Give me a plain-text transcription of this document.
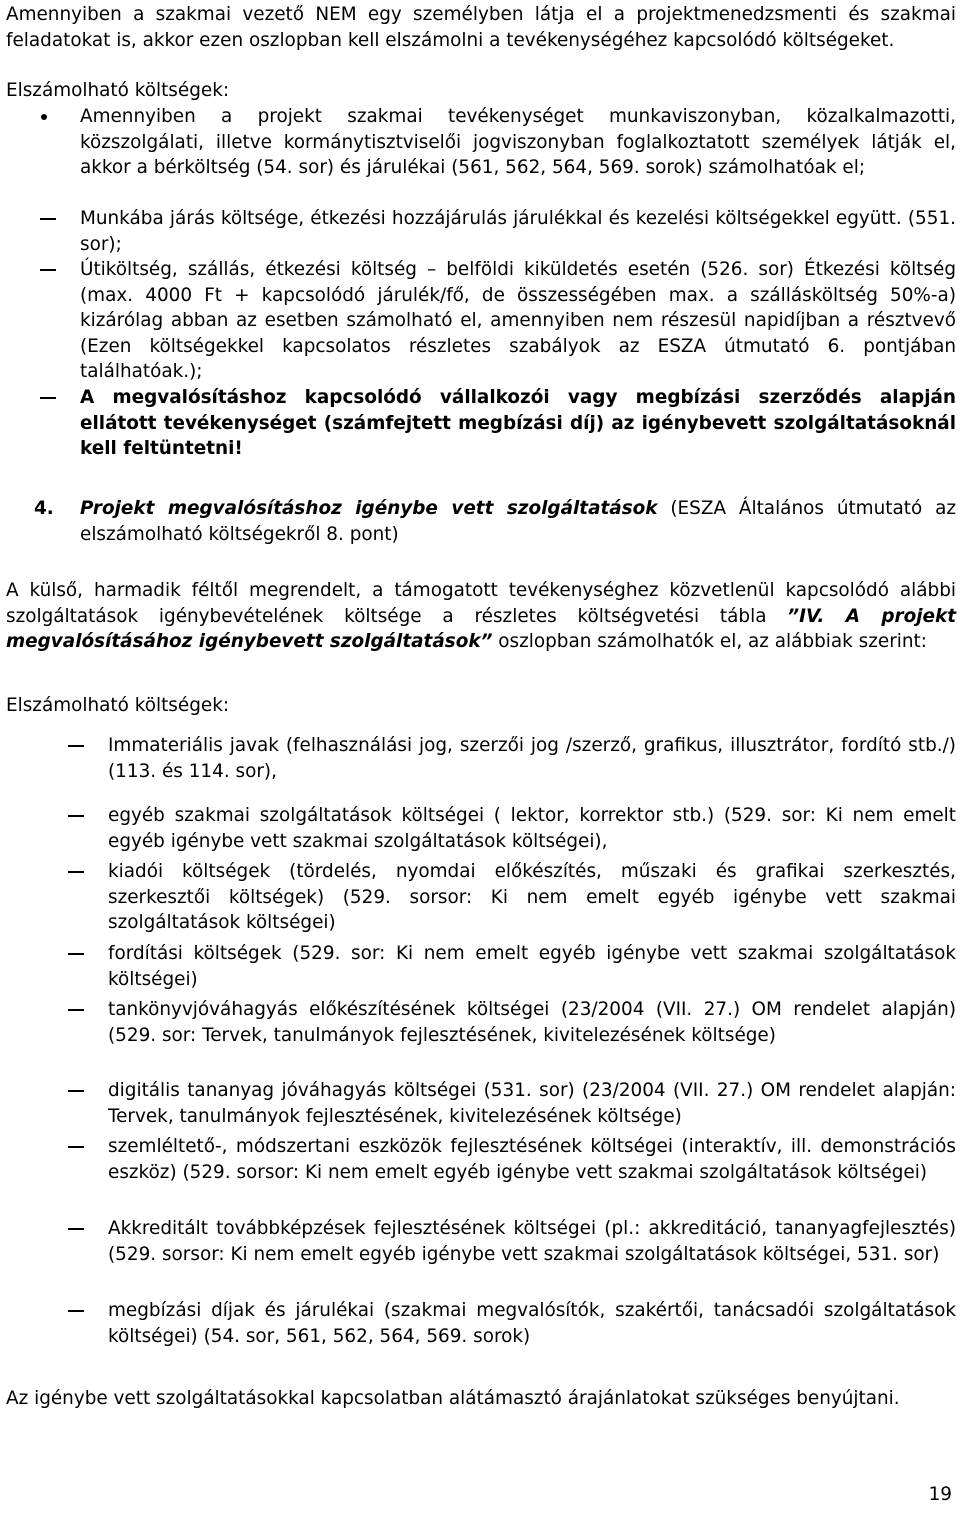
Amennyiben a szakmai vezető NEM egy személyben látja el a projektmenedzsmenti és szakmai feladatokat is, akkor ezen oszlopban kell elszámolni a tevékenységéhez kapcsolódó költségeket.

Elszámolható költségek:

Amennyiben a projekt szakmai tevékenységet munkaviszonyban, közalkalmazotti, közszolgálati, illetve kormánytisztviselői jogviszonyban foglalkoztatott személyek látják el, akkor a bérköltség (54. sor) és járulékai (561, 562, 564, 569. sorok) számolhatóak el;

Munkába járás költsége, étkezési hozzájárulás járulékkal és kezelési költségekkel együtt. (551. sor);

Útiköltség, szállás, étkezési költség – belföldi kiküldetés esetén (526. sor) Étkezési költség (max. 4000 Ft + kapcsolódó járulék/fő, de összességében max. a szállásköltség 50%-a) kizárólag abban az esetben számolható el, amennyiben nem részesül napidíjban a résztvevő (Ezen költségekkel kapcsolatos részletes szabályok az ESZA útmutató 6. pontjában találhatóak.);

A megvalósításhoz kapcsolódó vállalkozói vagy megbízási szerződés alapján ellátott tevékenységet (számfejtett megbízási díj) az igénybevett szolgáltatásoknál kell feltüntetni!

4. Projekt megvalósításhoz igénybe vett szolgáltatások (ESZA Általános útmutató az elszámolható költségekről 8. pont)

A külső, harmadik féltől megrendelt, a támogatott tevékenységhez közvetlenül kapcsolódó alábbi szolgáltatások igénybevételének költsége a részletes költségvetési tábla ”IV. A projekt megvalósításához igénybevett szolgáltatások” oszlopban számolhatók el, az alábbiak szerint:

Elszámolható költségek:

Immateriális javak (felhasználási jog, szerzői jog /szerző, grafikus, illusztrátor, fordító stb./) (113. és 114. sor),

egyéb szakmai szolgáltatások költségei ( lektor, korrektor stb.) (529. sor: Ki nem emelt egyéb igénybe vett szakmai szolgáltatások költségei),

kiadói költségek (tördelés, nyomdai előkészítés, műszaki és grafikai szerkesztés, szerkesztői költségek) (529. sorsor: Ki nem emelt egyéb igénybe vett szakmai szolgáltatások költségei)

fordítási költségek (529. sor: Ki nem emelt egyéb igénybe vett szakmai szolgáltatások költségei)

tankönyvjóváhagyás előkészítésének költségei (23/2004 (VII. 27.) OM rendelet alapján) (529. sor: Tervek, tanulmányok fejlesztésének, kivitelezésének költsége)

digitális tananyag jóváhagyás költségei (531. sor) (23/2004 (VII. 27.) OM rendelet alapján: Tervek, tanulmányok fejlesztésének, kivitelezésének költsége)

szemléltető-, módszertani eszközök fejlesztésének költségei (interaktív, ill. demonstrációs eszköz) (529. sorsor: Ki nem emelt egyéb igénybe vett szakmai szolgáltatások költségei)

Akkreditált továbbképzések fejlesztésének költségei (pl.: akkreditáció, tananyagfejlesztés) (529. sorsor: Ki nem emelt egyéb igénybe vett szakmai szolgáltatások költségei, 531. sor)

megbízási díjak és járulékai (szakmai megvalósítók, szakértői, tanácsadói szolgáltatások költségei) (54. sor, 561, 562, 564, 569. sorok)

Az igénybe vett szolgáltatásokkal kapcsolatban alátámasztó árajánlatokat szükséges benyújtani.

19
